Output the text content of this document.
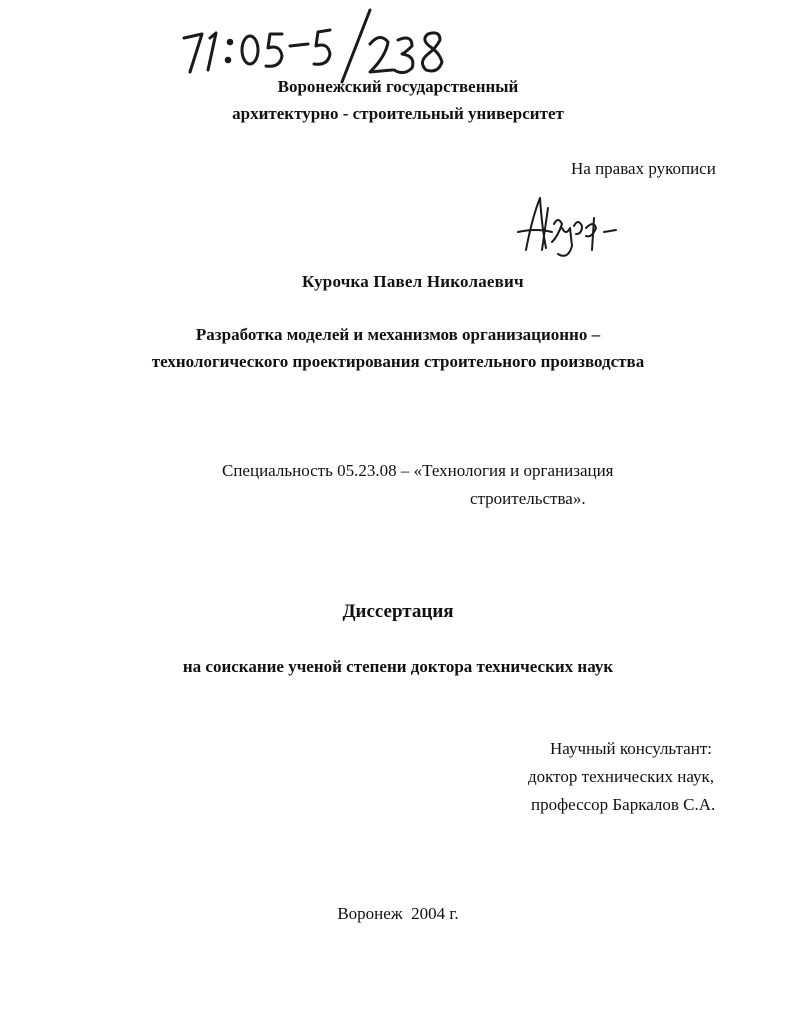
Воронежский государственный
архитектурно - строительный университет
На правах рукописи
Курочка Павел Николаевич
Разработка моделей и механизмов организационно –
технологического проектирования строительного производства
Специальность 05.23.08 – «Технология и организация
строительства».
Диссертация
на соискание ученой степени доктора технических наук
Научный консультант:
доктор технических наук,
профессор Баркалов С.А.
Воронеж  2004 г.
